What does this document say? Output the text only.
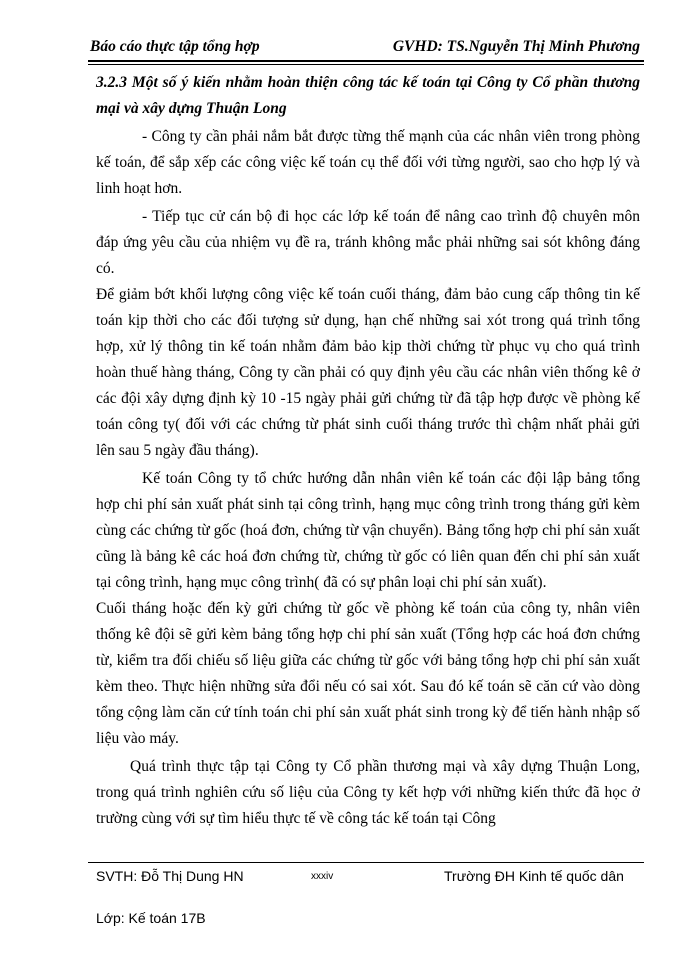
Báo cáo thực tập tổng hợp	GVHD: TS.Nguyễn Thị Minh Phương

3.2.3 Một số ý kiến nhằm hoàn thiện công tác kế toán tại Công ty Cổ phần thương mại và xây dựng Thuận Long

- Công ty cần phải nắm bắt được từng thế mạnh của các nhân viên trong phòng kế toán, để sắp xếp các công việc kế toán cụ thể đối với từng người, sao cho hợp lý và linh hoạt hơn.

- Tiếp tục cử cán bộ đi học các lớp kế toán để nâng cao trình độ chuyên môn đáp ứng yêu cầu của nhiệm vụ đề ra, tránh không mắc phải những sai sót không đáng có.

Để giảm bớt khối lượng công việc kế toán cuối tháng, đảm bảo cung cấp thông tin kế toán kịp thời cho các đối tượng sử dụng, hạn chế những sai xót trong quá trình tổng hợp, xử lý thông tin kế toán nhằm đảm bảo kịp thời chứng từ phục vụ cho quá trình hoàn thuế hàng tháng, Công ty cần phải có quy định yêu cầu các nhân viên thống kê ở các đội xây dựng định kỳ 10 -15 ngày phải gửi chứng từ đã tập hợp được về phòng kế toán công ty( đối với các chứng từ phát sinh cuối tháng trước thì chậm nhất phải gửi lên sau 5 ngày đầu tháng).

Kế toán Công ty tổ chức hướng dẫn nhân viên kế toán các đội lập bảng tổng hợp chi phí sản xuất phát sinh tại công trình, hạng mục công trình trong tháng gửi kèm cùng các chứng từ gốc (hoá đơn, chứng từ vận chuyển). Bảng tổng hợp chi phí sản xuất cũng là bảng kê các hoá đơn chứng từ, chứng từ gốc có liên quan đến chi phí sản xuất tại công trình, hạng mục công trình( đã có sự phân loại chi phí sản xuất).

Cuối tháng hoặc đến kỳ gửi chứng từ gốc về phòng kế toán của công ty, nhân viên thống kê đội sẽ gửi kèm bảng tổng hợp chi phí sản xuất (Tổng hợp các hoá đơn chứng từ, kiểm tra đối chiếu số liệu giữa các chứng từ gốc với bảng tổng hợp chi phí sản xuất kèm theo. Thực hiện những sửa đổi nếu có sai xót. Sau đó kế toán sẽ căn cứ vào dòng tổng cộng làm căn cứ tính toán chi phí sản xuất phát sinh trong kỳ để tiến hành nhập số liệu vào máy.

Quá trình thực tập tại Công ty Cổ phần thương mại và xây dựng Thuận Long, trong quá trình nghiên cứu số liệu của Công ty kết hợp với những kiến thức đã học ở trường cùng với sự tìm hiểu thực tế về công tác kế toán tại Công

SVTH: Đỗ Thị Dung HN	xxxiv	Trường ĐH Kinh tế quốc dân
Lớp: Kế toán 17B
